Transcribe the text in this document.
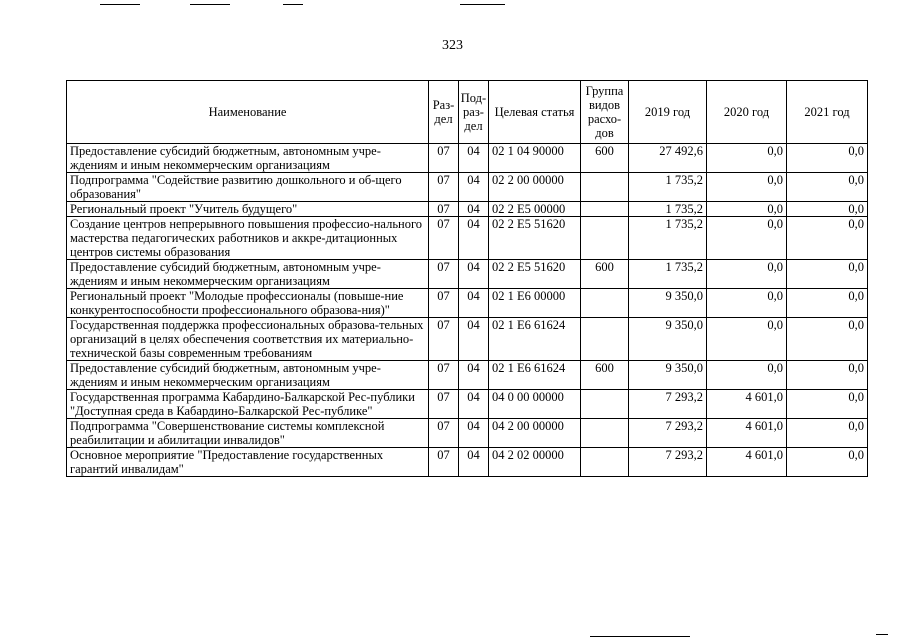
323
Наименование	Раз-дел	Под-раз-дел	Целевая статья	Группа видов расхо-дов	2019 год	2020 год	2021 год
Предоставление субсидий бюджетным, автономным учре-ждениям и иным некоммерческим организациям	07	04	02 1 04 90000	600	27 492,6	0,0	0,0
Подпрограмма "Содействие развитию дошкольного и об-щего образования"	07	04	02 2 00 00000		1 735,2	0,0	0,0
Региональный проект "Учитель будущего"	07	04	02 2 E5 00000		1 735,2	0,0	0,0
Создание центров непрерывного повышения профессио-нального мастерства педагогических работников и аккре-дитационных центров системы образования	07	04	02 2 E5 51620		1 735,2	0,0	0,0
Предоставление субсидий бюджетным, автономным учре-ждениям и иным некоммерческим организациям	07	04	02 2 E5 51620	600	1 735,2	0,0	0,0
Региональный проект "Молодые профессионалы (повыше-ние конкурентоспособности профессионального образова-ния)"	07	04	02 1 E6 00000		9 350,0	0,0	0,0
Государственная поддержка профессиональных образова-тельных организаций в целях обеспечения соответствия их материально-технической базы современным требованиям	07	04	02 1 E6 61624		9 350,0	0,0	0,0
Предоставление субсидий бюджетным, автономным учре-ждениям и иным некоммерческим организациям	07	04	02 1 E6 61624	600	9 350,0	0,0	0,0
Государственная программа Кабардино-Балкарской Рес-публики "Доступная среда в Кабардино-Балкарской Рес-публике"	07	04	04 0 00 00000		7 293,2	4 601,0	0,0
Подпрограмма "Совершенствование системы комплексной реабилитации и абилитации инвалидов"	07	04	04 2 00 00000		7 293,2	4 601,0	0,0
Основное мероприятие "Предоставление государственных гарантий инвалидам"	07	04	04 2 02 00000		7 293,2	4 601,0	0,0
